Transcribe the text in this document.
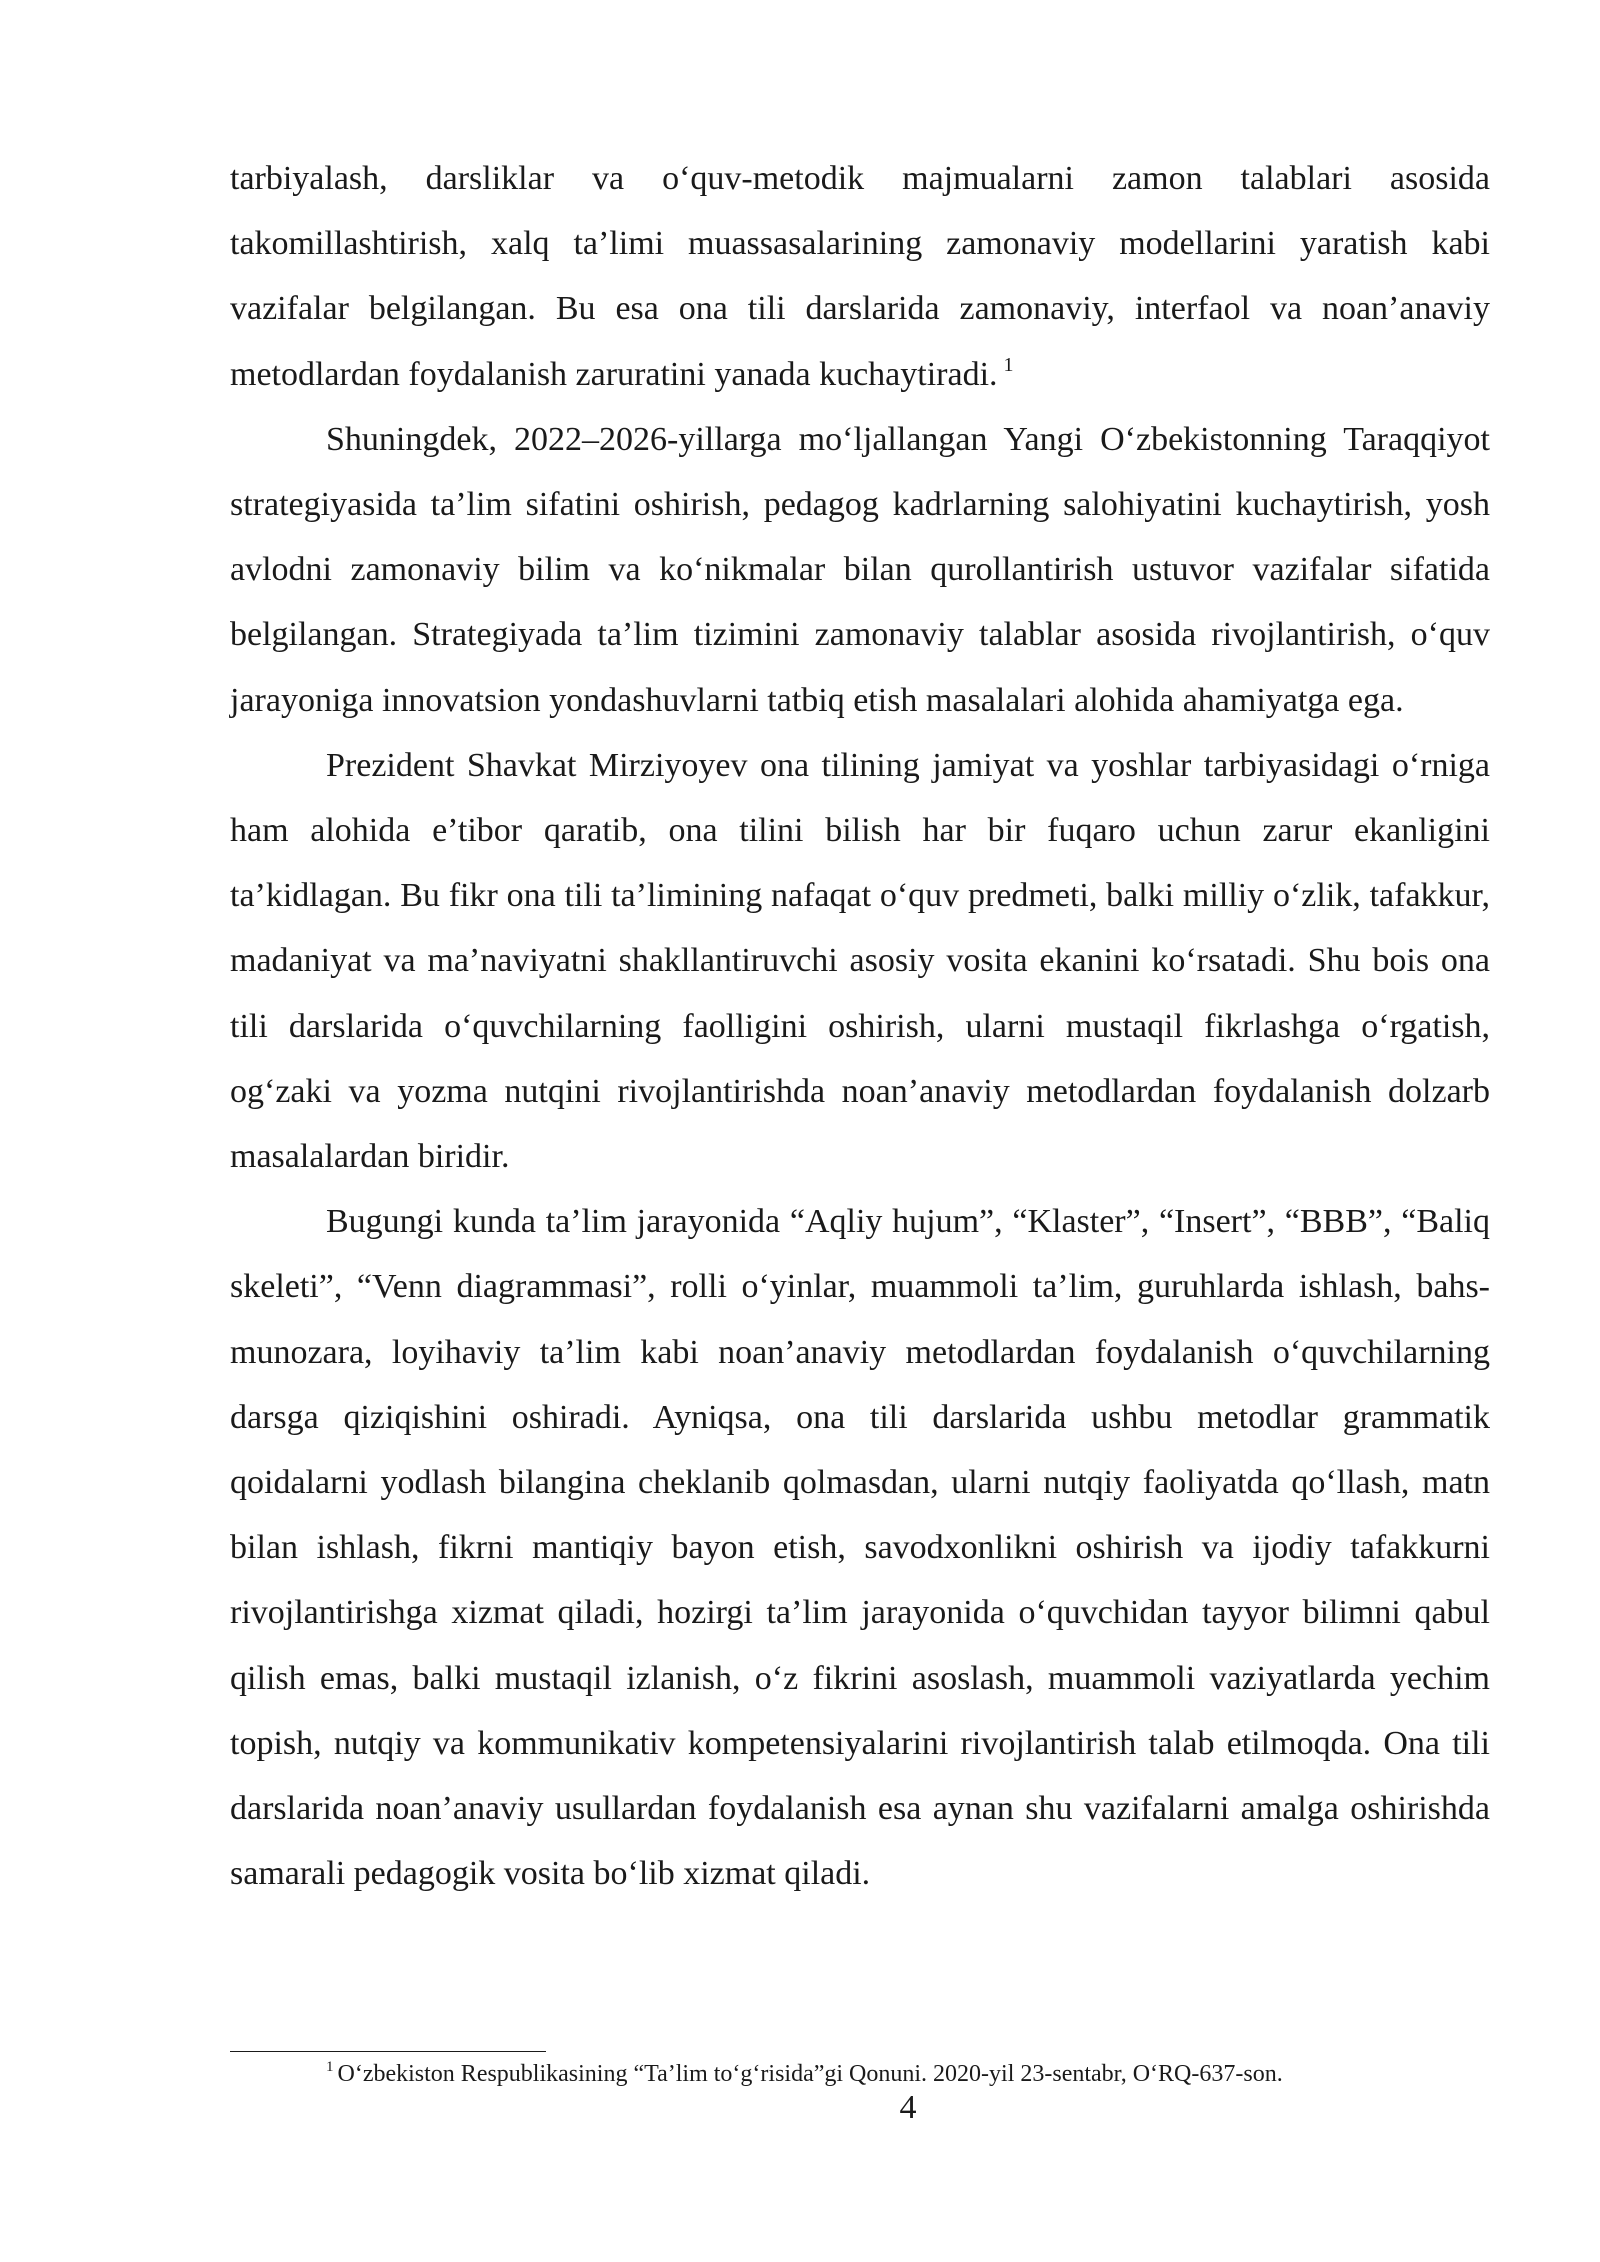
tarbiyalash, darsliklar va o‘quv-metodik majmualarni zamon talablari asosida takomillashtirish, xalq ta’limi muassasalarining zamonaviy modellarini yaratish kabi vazifalar belgilangan. Bu esa ona tili darslarida zamonaviy, interfaol va noan’anaviy metodlardan foydalanish zaruratini yanada kuchaytiradi. $^1$

Shuningdek, 2022–2026-yillarga mo‘ljallangan Yangi O‘zbekistonning Taraqqiyot strategiyasida ta’lim sifatini oshirish, pedagog kadrlarning salohiyatini kuchaytirish, yosh avlodni zamonaviy bilim va ko‘nikmalar bilan qurollantirish ustuvor vazifalar sifatida belgilangan. Strategiyada ta’lim tizimini zamonaviy talablar asosida rivojlantirish, o‘quv jarayoniga innovatsion yondashuvlarni tatbiq etish masalalari alohida ahamiyatga ega.

Prezident Shavkat Mirziyoyev ona tilining jamiyat va yoshlar tarbiyasidagi o‘rniga ham alohida e’tibor qaratib, ona tilini bilish har bir fuqaro uchun zarur ekanligini ta’kidlagan. Bu fikr ona tili ta’limining nafaqat o‘quv predmeti, balki milliy o‘zlik, tafakkur, madaniyat va ma’naviyatni shakllantiruvchi asosiy vosita ekanini ko‘rsatadi. Shu bois ona tili darslarida o‘quvchilarning faolligini oshirish, ularni mustaqil fikrlashga o‘rgatish, og‘zaki va yozma nutqini rivojlantirishda noan’anaviy metodlardan foydalanish dolzarb masalalardan biridir.

Bugungi kunda ta’lim jarayonida “Aqliy hujum”, “Klaster”, “Insert”, “BBB”, “Baliq skeleti”, “Venn diagrammasi”, rolli o‘yinlar, muammoli ta’lim, guruhlarda ishlash, bahs-munozara, loyihaviy ta’lim kabi noan’anaviy metodlardan foydalanish o‘quvchilarning darsga qiziqishini oshiradi. Ayniqsa, ona tili darslarida ushbu metodlar grammatik qoidalarni yodlash bilangina cheklanib qolmasdan, ularni nutqiy faoliyatda qo‘llash, matn bilan ishlash, fikrni mantiqiy bayon etish, savodxonlikni oshirish va ijodiy tafakkurni rivojlantirishga xizmat qiladi, hozirgi ta’lim jarayonida o‘quvchidan tayyor bilimni qabul qilish emas, balki mustaqil izlanish, o‘z fikrini asoslash, muammoli vaziyatlarda yechim topish, nutqiy va kommunikativ kompetensiyalarini rivojlantirish talab etilmoqda. Ona tili darslarida noan’anaviy usullardan foydalanish esa aynan shu vazifalarni amalga oshirishda samarali pedagogik vosita bo‘lib xizmat qiladi.

$^1$ O‘zbekiston Respublikasining “Ta’lim to‘g‘risida”gi Qonuni. 2020-yil 23-sentabr, O‘RQ-637-son.
4
